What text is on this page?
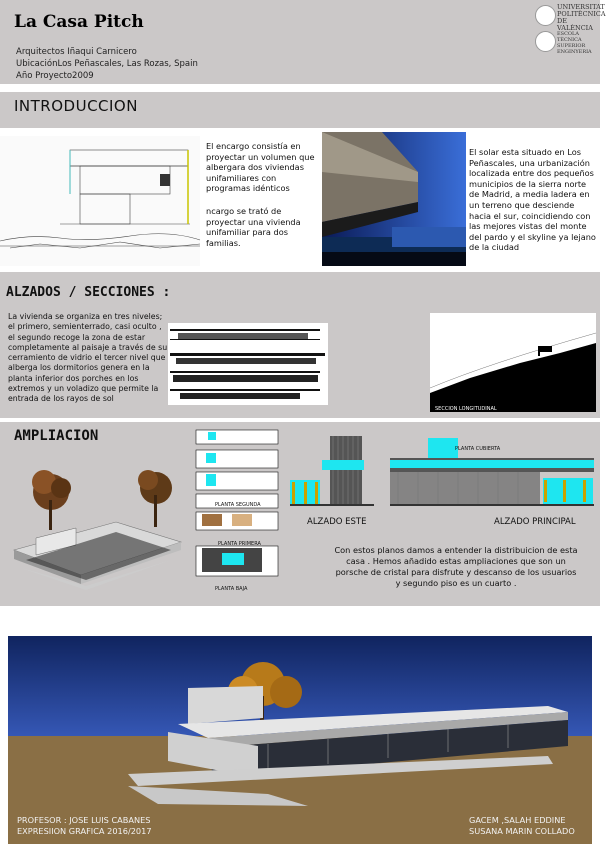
La Casa Pitch
Arquitectos Iñaqui Carnicero
UbicaciónLos Peñascales, Las Rozas, Spain
Año Proyecto2009
UNIVERSITAT POLITÈCNICA DE VALÈNCIA
ESCOLA TÈCNICA SUPERIOR ENGINYERIA
INTRODUCCION
El encargo consistía en proyectar un volumen que albergara dos viviendas unifamiliares con programas idénticos
ncargo se trató de proyectar una vivienda unifamiliar para dos familias.
El solar esta situado en Los Peñascales, una urbanización localizada entre dos pequeños municipios de la sierra norte de Madrid, a media ladera en un terreno que desciende hacia el sur, coincidiendo con las mejores vistas del monte del pardo y el skyline ya lejano de la ciudad
ALZADOS / SECCIONES :
La vivienda se organiza en tres niveles; el primero, semienterrado, casi oculto , el segundo recoge la zona de estar completamente al paisaje a través de su cerramiento de vidrio el tercer nivel que alberga los dormitorios genera en la planta inferior dos porches en los extremos y un voladizo que permite la entrada de los rayos de sol
SECCION LONGITUDINAL
AMPLIACION
PLANTA SEGUNDA
PLANTA PRIMERA
PLANTA BAJA
ALZADO ESTE
PLANTA CUBIERTA
ALZADO PRINCIPAL
Con estos planos damos a entender la distribuicion de esta casa . Hemos añadido estas ampliaciones que son un porsche de cristal para disfrute y descanso de los usuarios y segundo piso es un cuarto .
PROFESOR : JOSE LUIS CABANES
EXPRESIION GRAFICA 2016/2017
GACEM ,SALAH EDDINE
SUSANA MARIN COLLADO
